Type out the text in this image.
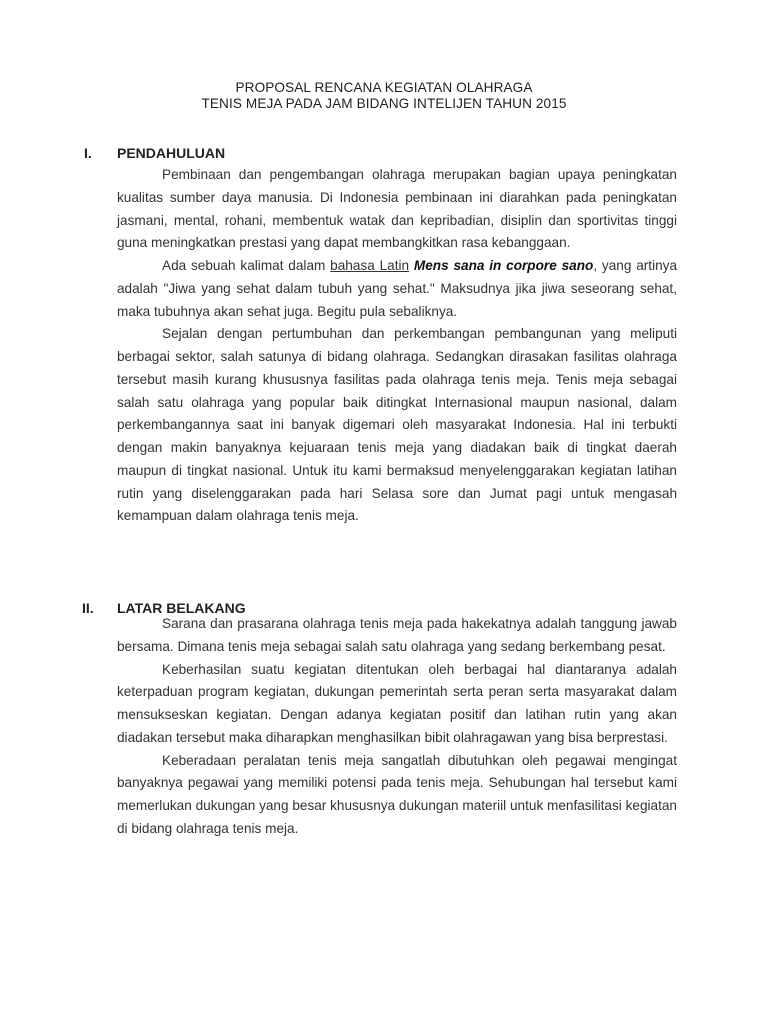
PROPOSAL RENCANA KEGIATAN OLAHRAGA
TENIS MEJA PADA JAM BIDANG INTELIJEN TAHUN 2015
I. PENDAHULUAN

Pembinaan dan pengembangan olahraga merupakan bagian upaya peningkatan kualitas sumber daya manusia. Di Indonesia pembinaan ini diarahkan pada peningkatan jasmani, mental, rohani, membentuk watak dan kepribadian, disiplin dan sportivitas tinggi guna meningkatkan prestasi yang dapat membangkitkan rasa kebanggaan.

Ada sebuah kalimat dalam bahasa Latin Mens sana in corpore sano, yang artinya adalah "Jiwa yang sehat dalam tubuh yang sehat." Maksudnya jika jiwa seseorang sehat, maka tubuhnya akan sehat juga. Begitu pula sebaliknya.

Sejalan dengan pertumbuhan dan perkembangan pembangunan yang meliputi berbagai sektor, salah satunya di bidang olahraga. Sedangkan dirasakan fasilitas olahraga tersebut masih kurang khususnya fasilitas pada olahraga tenis meja. Tenis meja sebagai salah satu olahraga yang popular baik ditingkat Internasional maupun nasional, dalam perkembangannya saat ini banyak digemari oleh masyarakat Indonesia. Hal ini terbukti dengan makin banyaknya kejuaraan tenis meja yang diadakan baik di tingkat daerah maupun di tingkat nasional. Untuk itu kami bermaksud menyelenggarakan kegiatan latihan rutin yang diselenggarakan pada hari Selasa sore dan Jumat pagi untuk mengasah kemampuan dalam olahraga tenis meja.

II. LATAR BELAKANG

Sarana dan prasarana olahraga tenis meja pada hakekatnya adalah tanggung jawab bersama. Dimana tenis meja sebagai salah satu olahraga yang sedang berkembang pesat.

Keberhasilan suatu kegiatan ditentukan oleh berbagai hal diantaranya adalah keterpaduan program kegiatan, dukungan pemerintah serta peran serta masyarakat dalam mensukseskan kegiatan. Dengan adanya kegiatan positif dan latihan rutin yang akan diadakan tersebut maka diharapkan menghasilkan bibit olahragawan yang bisa berprestasi.

Keberadaan peralatan tenis meja sangatlah dibutuhkan oleh pegawai mengingat banyaknya pegawai yang memiliki potensi pada tenis meja. Sehubungan hal tersebut kami memerlukan dukungan yang besar khususnya dukungan materiil untuk menfasilitasi kegiatan di bidang olahraga tenis meja.
